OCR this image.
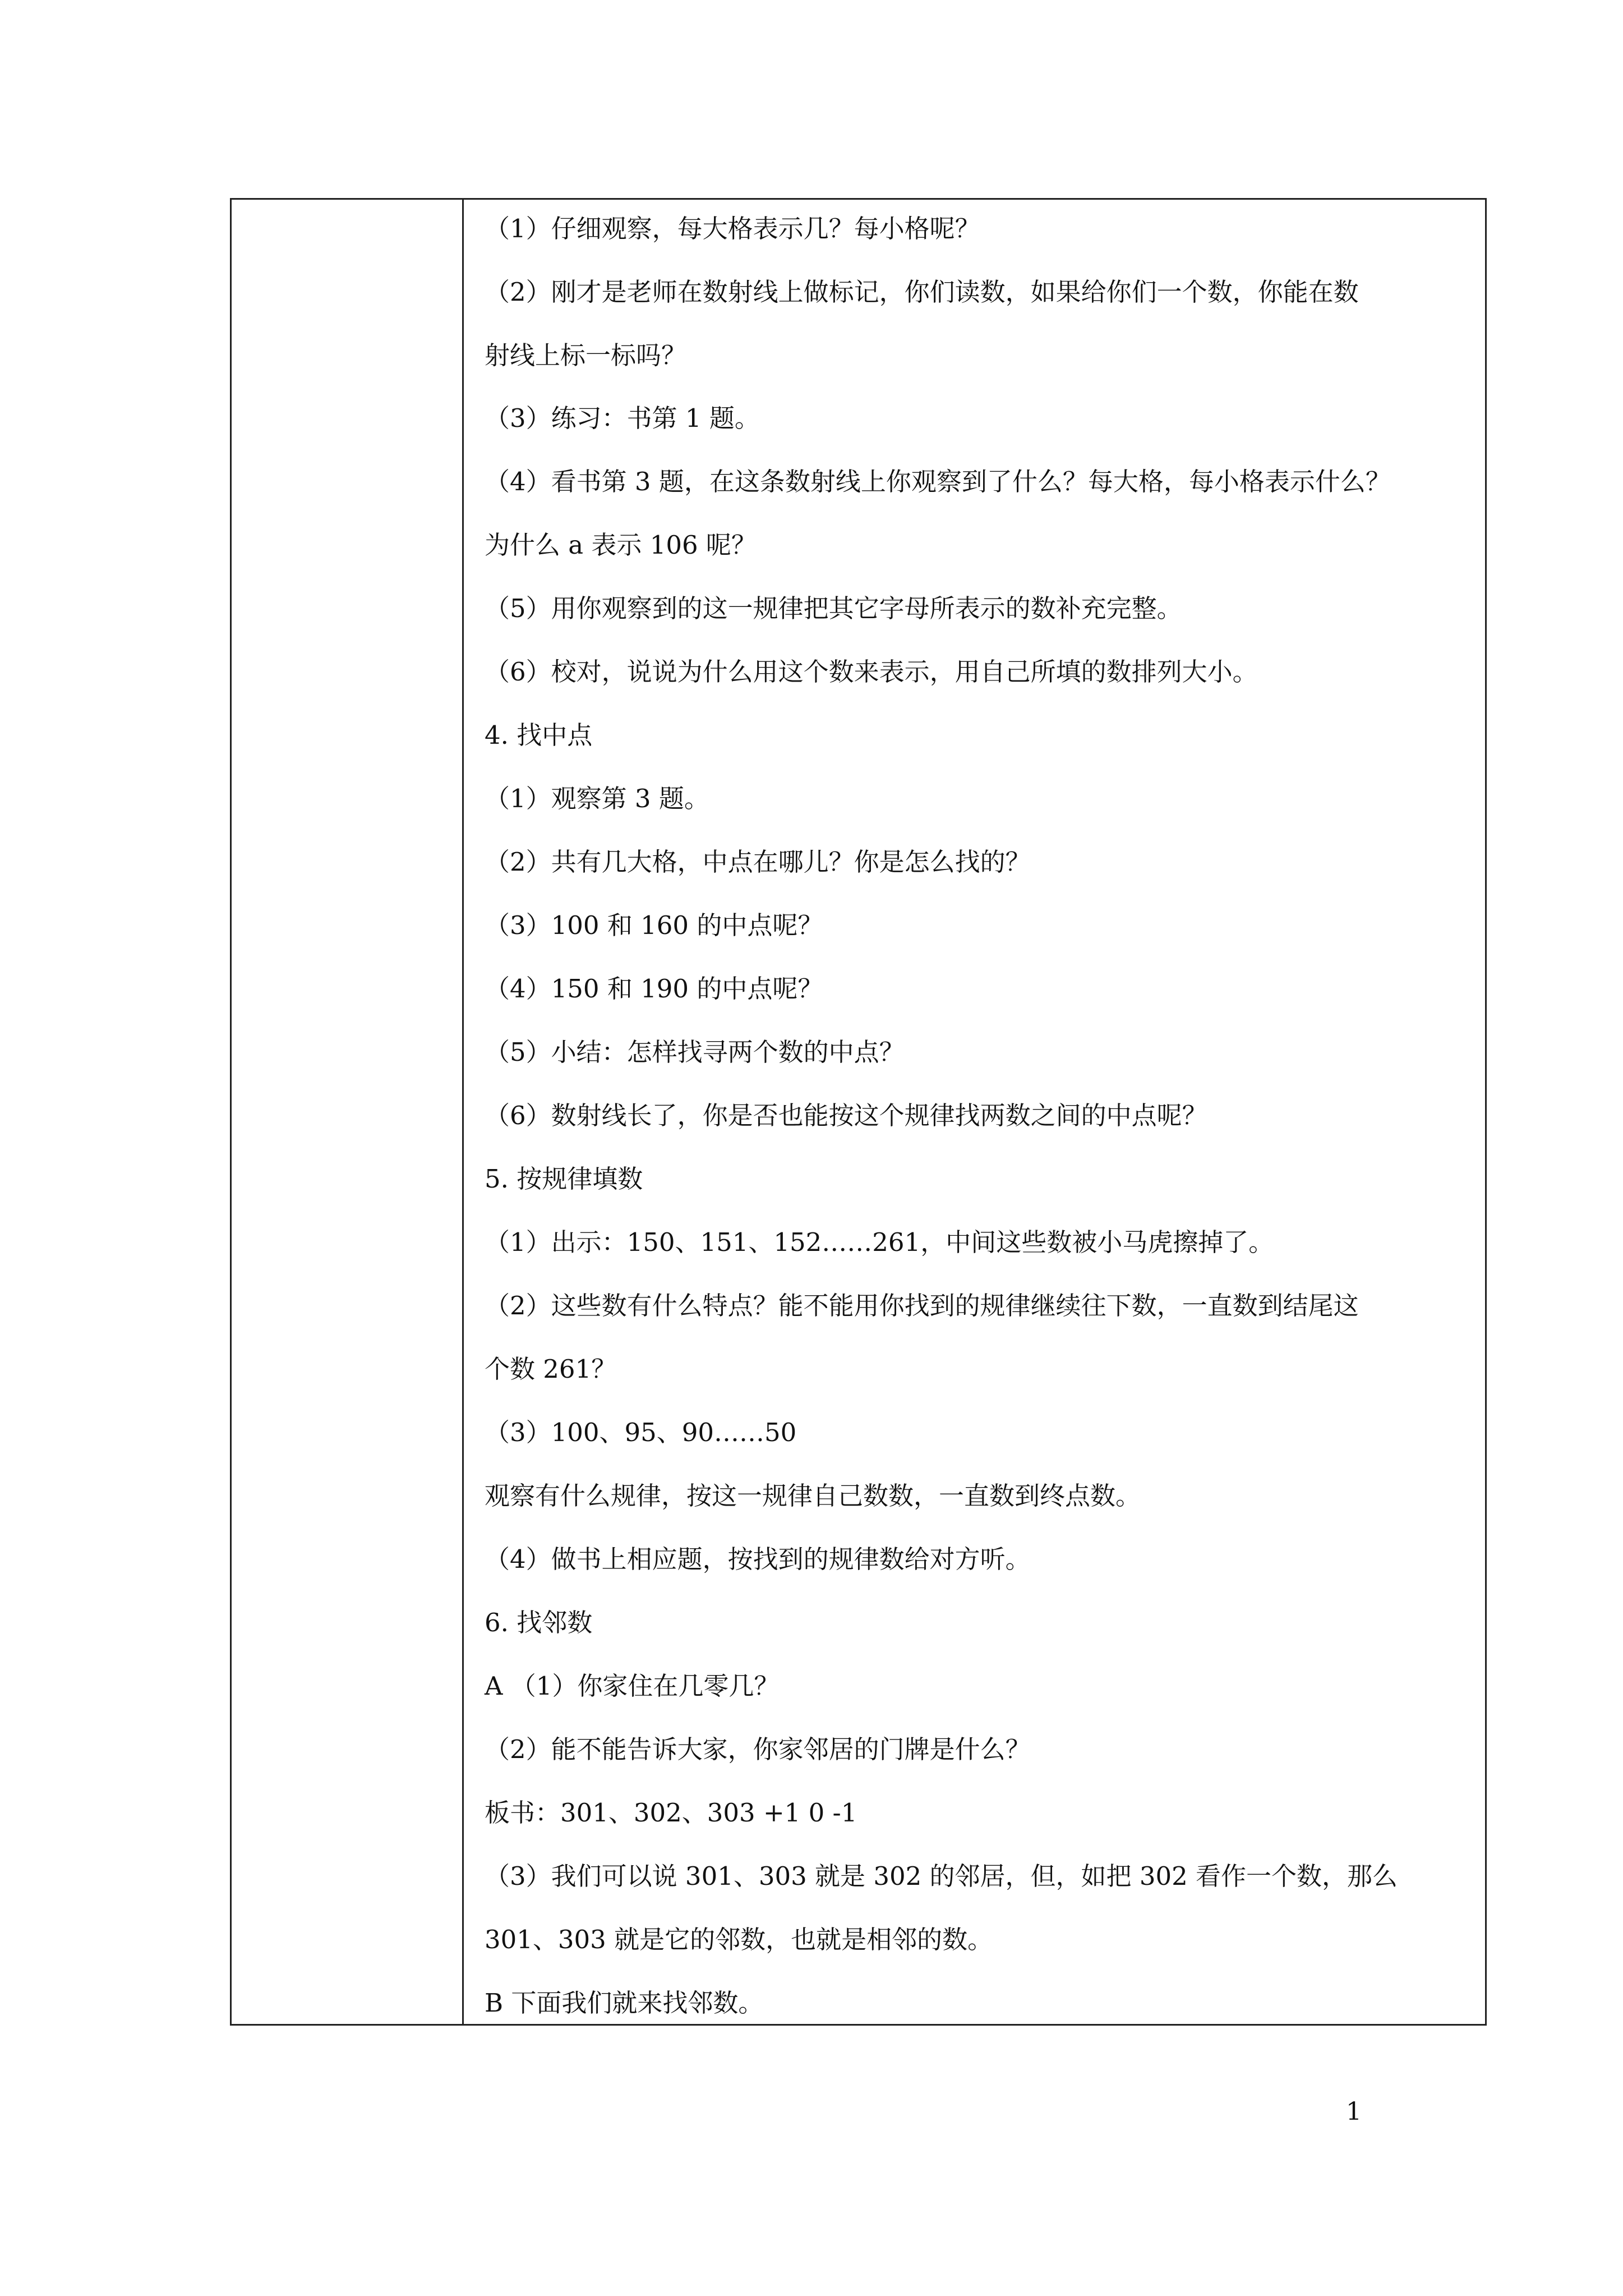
（1）仔细观察，每大格表示几？每小格呢？
（2）刚才是老师在数射线上做标记，你们读数，如果给你们一个数，你能在数
射线上标一标吗？
（3）练习：书第 1 题。
（4）看书第 3 题，在这条数射线上你观察到了什么？每大格，每小格表示什么？
为什么 a 表示 106 呢？
（5）用你观察到的这一规律把其它字母所表示的数补充完整。
（6）校对，说说为什么用这个数来表示，用自己所填的数排列大小。
4. 找中点
（1）观察第 3 题。
（2）共有几大格，中点在哪儿？你是怎么找的？
（3）100 和 160 的中点呢？
（4）150 和 190 的中点呢？
（5）小结：怎样找寻两个数的中点？
（6）数射线长了，你是否也能按这个规律找两数之间的中点呢？
5. 按规律填数
（1）出示：150、151、152……261，中间这些数被小马虎擦掉了。
（2）这些数有什么特点？能不能用你找到的规律继续往下数，一直数到结尾这
个数 261？
（3）100、95、90……50
观察有什么规律，按这一规律自己数数，一直数到终点数。
（4）做书上相应题，按找到的规律数给对方听。
6. 找邻数
A （1）你家住在几零几？
（2）能不能告诉大家，你家邻居的门牌是什么？
板书：301、302、303 +1 0 -1
（3）我们可以说 301、303 就是 302 的邻居，但，如把 302 看作一个数，那么
301、303 就是它的邻数，也就是相邻的数。
B 下面我们就来找邻数。
1
